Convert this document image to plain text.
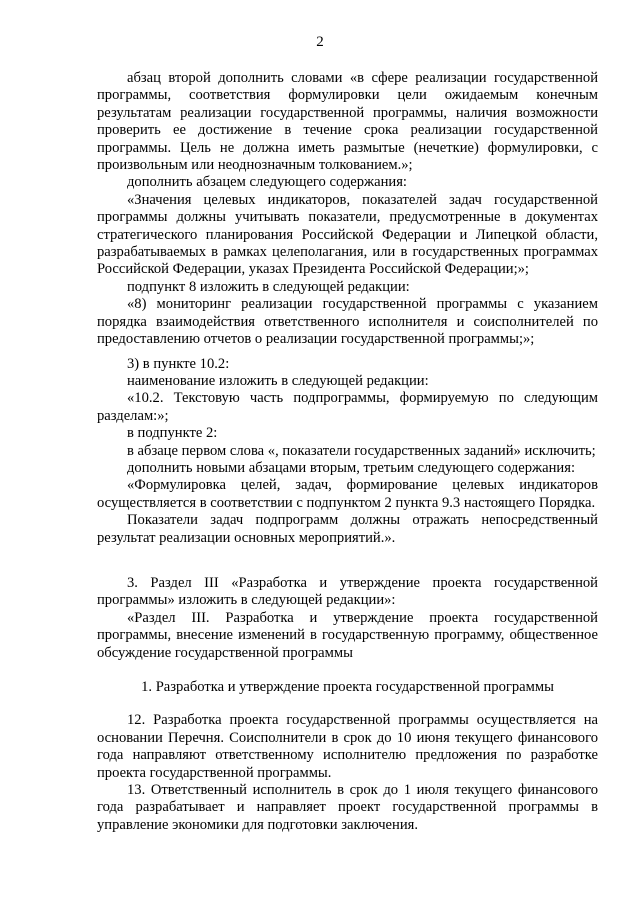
2

абзац второй дополнить словами «в сфере реализации государственной программы, соответствия формулировки цели ожидаемым конечным результатам реализации государственной программы, наличия возможности проверить ее достижение в течение срока реализации государственной программы. Цель не должна иметь размытые (нечеткие) формулировки, с произвольным или неоднозначным толкованием.»;

дополнить абзацем следующего содержания:

«Значения целевых индикаторов, показателей задач государственной программы должны учитывать показатели, предусмотренные в документах стратегического планирования Российской Федерации и Липецкой области, разрабатываемых в рамках целеполагания, или в государственных программах Российской Федерации, указах Президента Российской Федерации;»;

подпункт 8 изложить в следующей редакции:

«8) мониторинг реализации государственной программы с указанием порядка взаимодействия ответственного исполнителя и соисполнителей по предоставлению отчетов о реализации государственной программы;»;

3) в пункте 10.2:

наименование изложить в следующей редакции:

«10.2. Текстовую часть подпрограммы, формируемую по следующим разделам:»;

в подпункте 2:

в абзаце первом слова «, показатели государственных заданий» исключить;

дополнить новыми абзацами вторым, третьим следующего содержания:

«Формулировка целей, задач, формирование целевых индикаторов осуществляется в соответствии с подпунктом 2 пункта 9.3 настоящего Порядка.

Показатели задач подпрограмм должны отражать непосредственный результат реализации основных мероприятий.».

3. Раздел III «Разработка и утверждение проекта государственной программы» изложить в следующей редакции»:

«Раздел III. Разработка и утверждение проекта государственной программы, внесение изменений в государственную программу, общественное обсуждение государственной программы

1. Разработка и утверждение проекта государственной программы

12. Разработка проекта государственной программы осуществляется на основании Перечня. Соисполнители в срок до 10 июня текущего финансового года направляют ответственному исполнителю предложения по разработке проекта государственной программы.

13. Ответственный исполнитель в срок до 1 июля текущего финансового года разрабатывает и направляет проект государственной программы в управление экономики для подготовки заключения.
